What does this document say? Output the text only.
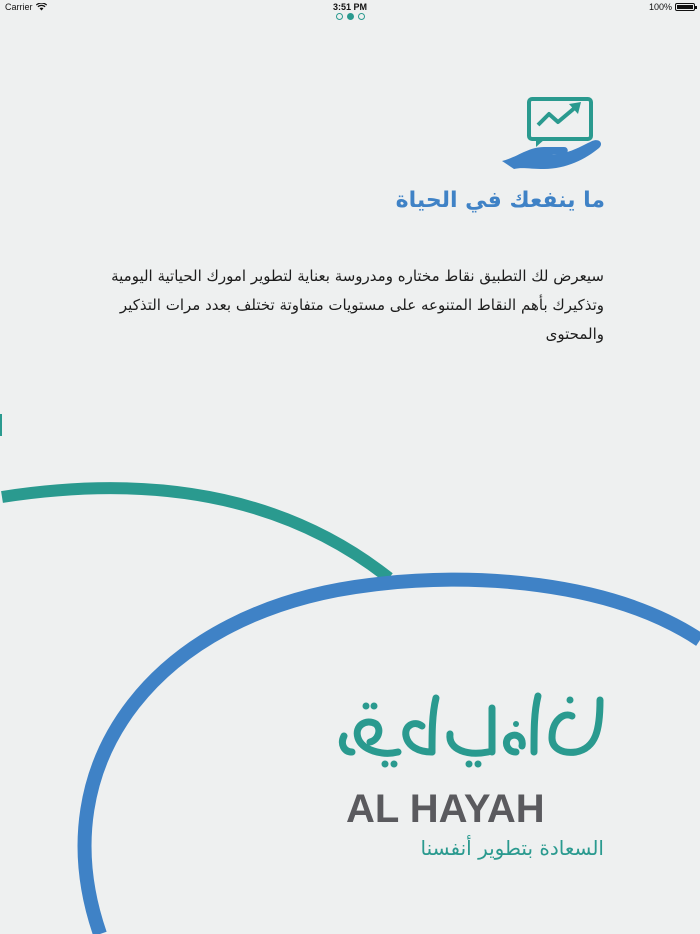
Carrier	3:51 PM	100%
ما ينفعك في الحياة

سيعرض لك التطبيق نقاط مختاره ومدروسة بعناية لتطوير امورك الحياتية اليومية وتذكيرك بأهم النقاط المتنوعه على مستويات متفاوتة تختلف بعدد مرات التذكير والمحتوى

AL HAYAH
السعادة بتطوير أنفسنا
